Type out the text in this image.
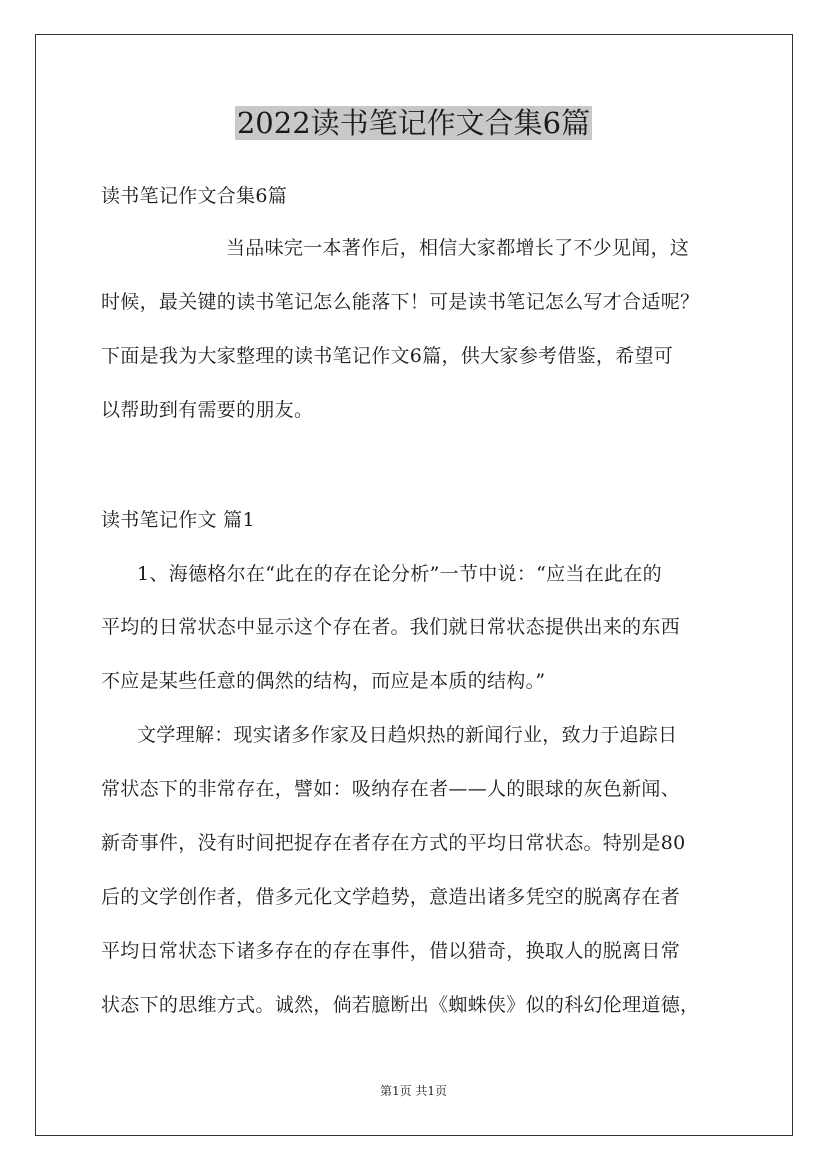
2022读书笔记作文合集6篇
读书笔记作文合集6篇
当品味完一本著作后，相信大家都增长了不少见闻，这
时候，最关键的读书笔记怎么能落下！可是读书笔记怎么写才合适呢？
下面是我为大家整理的读书笔记作文6篇，供大家参考借鉴，希望可
以帮助到有需要的朋友。
读书笔记作文 篇1
1、海德格尔在“此在的存在论分析”一节中说：“应当在此在的
平均的日常状态中显示这个存在者。我们就日常状态提供出来的东西
不应是某些任意的偶然的结构，而应是本质的结构。”
文学理解：现实诸多作家及日趋炽热的新闻行业，致力于追踪日
常状态下的非常存在，譬如：吸纳存在者——人的眼球的灰色新闻、
新奇事件，没有时间把捉存在者存在方式的平均日常状态。特别是80
后的文学创作者，借多元化文学趋势，意造出诸多凭空的脱离存在者
平均日常状态下诸多存在的存在事件，借以猎奇，换取人的脱离日常
状态下的思维方式。诚然，倘若臆断出《蜘蛛侠》似的科幻伦理道德，
第1页 共1页
